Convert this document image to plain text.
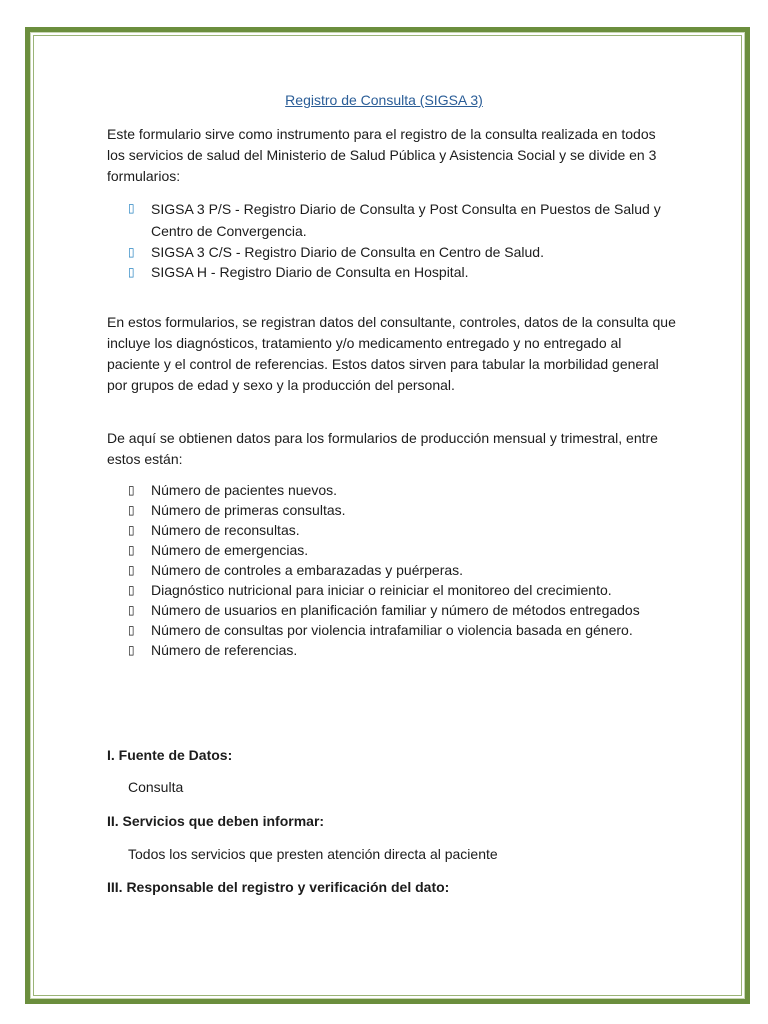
Registro de Consulta (SIGSA 3)

Este formulario sirve como instrumento para el registro de la consulta realizada en todos los servicios de salud del Ministerio de Salud Pública y Asistencia Social y se divide en 3 formularios:

▯	SIGSA 3 P/S - Registro Diario de Consulta y Post Consulta en Puestos de Salud y Centro de Convergencia.
▯	SIGSA 3 C/S - Registro Diario de Consulta en Centro de Salud.
▯	SIGSA H - Registro Diario de Consulta en Hospital.

En estos formularios, se registran datos del consultante, controles, datos de la consulta que incluye los diagnósticos, tratamiento y/o medicamento entregado y no entregado al paciente y el control de referencias. Estos datos sirven para tabular la morbilidad general por grupos de edad y sexo y la producción del personal.

De aquí se obtienen datos para los formularios de producción mensual y trimestral, entre estos están:

▯	Número de pacientes nuevos.
▯	Número de primeras consultas.
▯	Número de reconsultas.
▯	Número de emergencias.
▯	Número de controles a embarazadas y puérperas.
▯	Diagnóstico nutricional para iniciar o reiniciar el monitoreo del crecimiento.
▯	Número de usuarios en planificación familiar y número de métodos entregados
▯	Número de consultas por violencia intrafamiliar o violencia basada en género.
▯	Número de referencias.

I. Fuente de Datos:

Consulta

II. Servicios que deben informar:

Todos los servicios que presten atención directa al paciente

III. Responsable del registro y verificación del dato:
